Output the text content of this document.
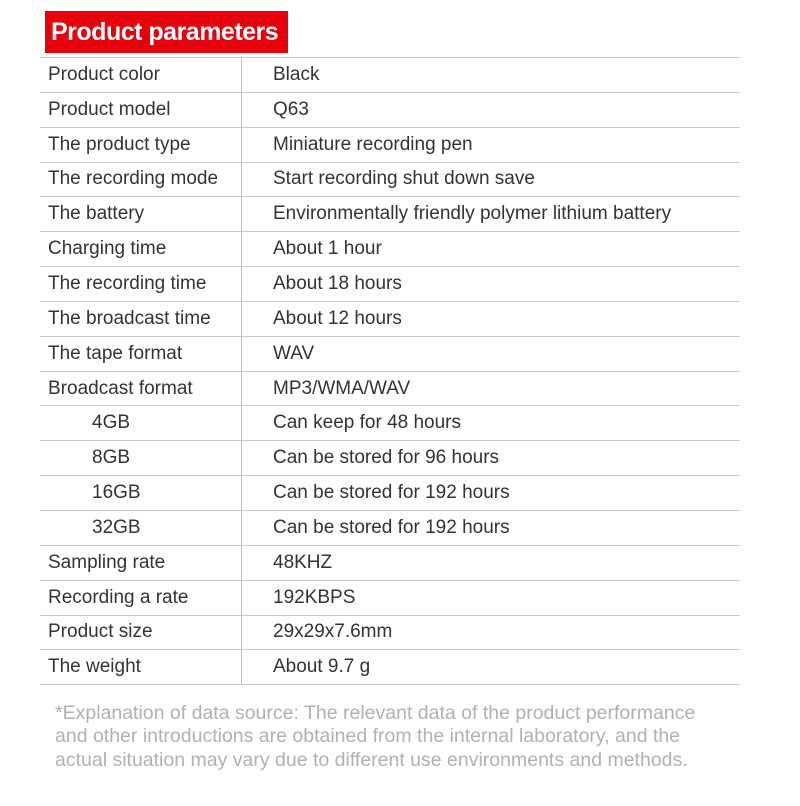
Product parameters
Product color	Black
Product model	Q63
The product type	Miniature recording pen
The recording mode	Start recording shut down save
The battery	Environmentally friendly polymer lithium battery
Charging time	About 1 hour
The recording time	About 18 hours
The broadcast time	About 12 hours
The tape format	WAV
Broadcast format	MP3/WMA/WAV
4GB	Can keep for 48 hours
8GB	Can be stored for 96 hours
16GB	Can be stored for 192 hours
32GB	Can be stored for 192 hours
Sampling rate	48KHZ
Recording a rate	192KBPS
Product size	29x29x7.6mm
The weight	About 9.7 g
*Explanation of data source: The relevant data of the product performance
and other introductions are obtained from the internal laboratory, and the
actual situation may vary due to different use environments and methods.
